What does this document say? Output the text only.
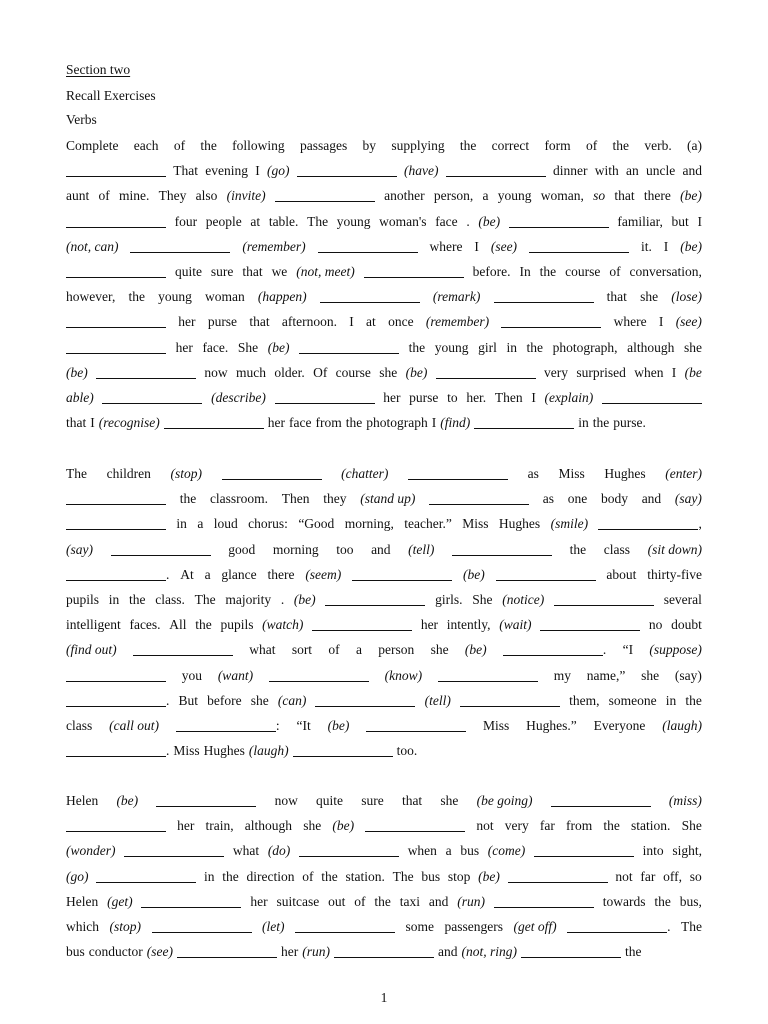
Section two
Recall Exercises
Verbs
Complete each of the following passages by supplying the correct form of the verb. (a)
That evening I (go)	(have)	dinner with an uncle and
aunt of mine. They also (invite)	another person, a young woman, so that there (be)
four people at table. The young woman's face . (be)	familiar, but I
(not, can)	(remember)	where I (see)	it. I (be)
quite sure that we (not, meet)	before. In the course of conversation,
however, the young woman (happen)	(remark)	that she (lose)
her purse that afternoon. I at once (remember)	where I (see)
her face. She (be)	the young girl in the photograph, although she
(be)	now much older. Of course she (be)	very surprised when I (be
able)	(describe)	her purse to her. Then I (explain)
that I (recognise)	her face from the photograph I (find)	in the purse.
The children (stop)	(chatter)	as Miss Hughes (enter)
the classroom. Then they (stand up)	as one body and (say)
in a loud chorus: “Good morning, teacher.” Miss Hughes (smile)	,
(say)	good morning too and (tell)	the class (sit down)
. At a glance there (seem)	(be)	about thirty-five
pupils in the class. The majority . (be)	girls. She (notice)	several
intelligent faces. All the pupils (watch)	her intently, (wait)	no doubt
(find out)	what sort of a person she (be)	. “I (suppose)
you (want)	(know)	my name,” she (say)
. But before she (can)	(tell)	them, someone in the
class (call out)	: “It (be)	Miss Hughes.” Everyone (laugh)
. Miss Hughes (laugh)	too.
Helen (be)	now quite sure that she (be going)	(miss)
her train, although she (be)	not very far from the station. She
(wonder)	what (do)	when a bus (come)	into sight,
(go)	in the direction of the station. The bus stop (be)	not far off, so
Helen (get)	her suitcase out of the taxi and (run)	towards the bus,
which (stop)	(let)	some passengers (get off)	. The
bus conductor (see)	her (run)	and (not, ring)	the
1
